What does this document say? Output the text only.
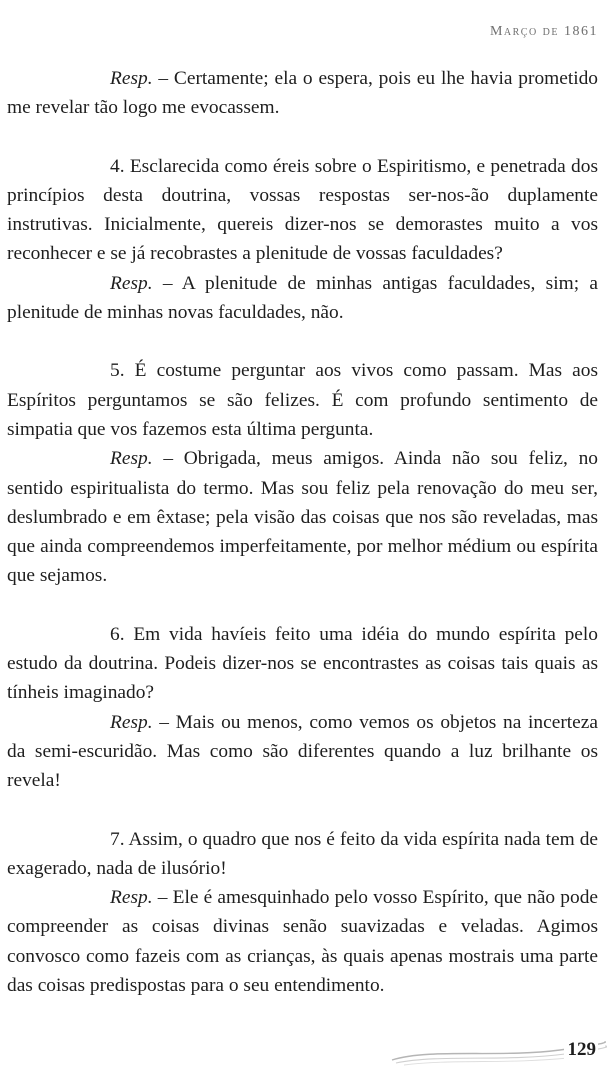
Março de 1861

Resp. – Certamente; ela o espera, pois eu lhe havia prometido me revelar tão logo me evocassem.

4. Esclarecida como éreis sobre o Espiritismo, e penetrada dos princípios desta doutrina, vossas respostas ser-nos-ão duplamente instrutivas. Inicialmente, quereis dizer-nos se demorastes muito a vos reconhecer e se já recobrastes a plenitude de vossas faculdades?

Resp. – A plenitude de minhas antigas faculdades, sim; a plenitude de minhas novas faculdades, não.

5. É costume perguntar aos vivos como passam. Mas aos Espíritos perguntamos se são felizes. É com profundo sentimento de simpatia que vos fazemos esta última pergunta.

Resp. – Obrigada, meus amigos. Ainda não sou feliz, no sentido espiritualista do termo. Mas sou feliz pela renovação do meu ser, deslumbrado e em êxtase; pela visão das coisas que nos são reveladas, mas que ainda compreendemos imperfeitamente, por melhor médium ou espírita que sejamos.

6. Em vida havíeis feito uma idéia do mundo espírita pelo estudo da doutrina. Podeis dizer-nos se encontrastes as coisas tais quais as tínheis imaginado?

Resp. – Mais ou menos, como vemos os objetos na incerteza da semi-escuridão. Mas como são diferentes quando a luz brilhante os revela!

7. Assim, o quadro que nos é feito da vida espírita nada tem de exagerado, nada de ilusório!

Resp. – Ele é amesquinhado pelo vosso Espírito, que não pode compreender as coisas divinas senão suavizadas e veladas. Agimos convosco como fazeis com as crianças, às quais apenas mostrais uma parte das coisas predispostas para o seu entendimento.

129
